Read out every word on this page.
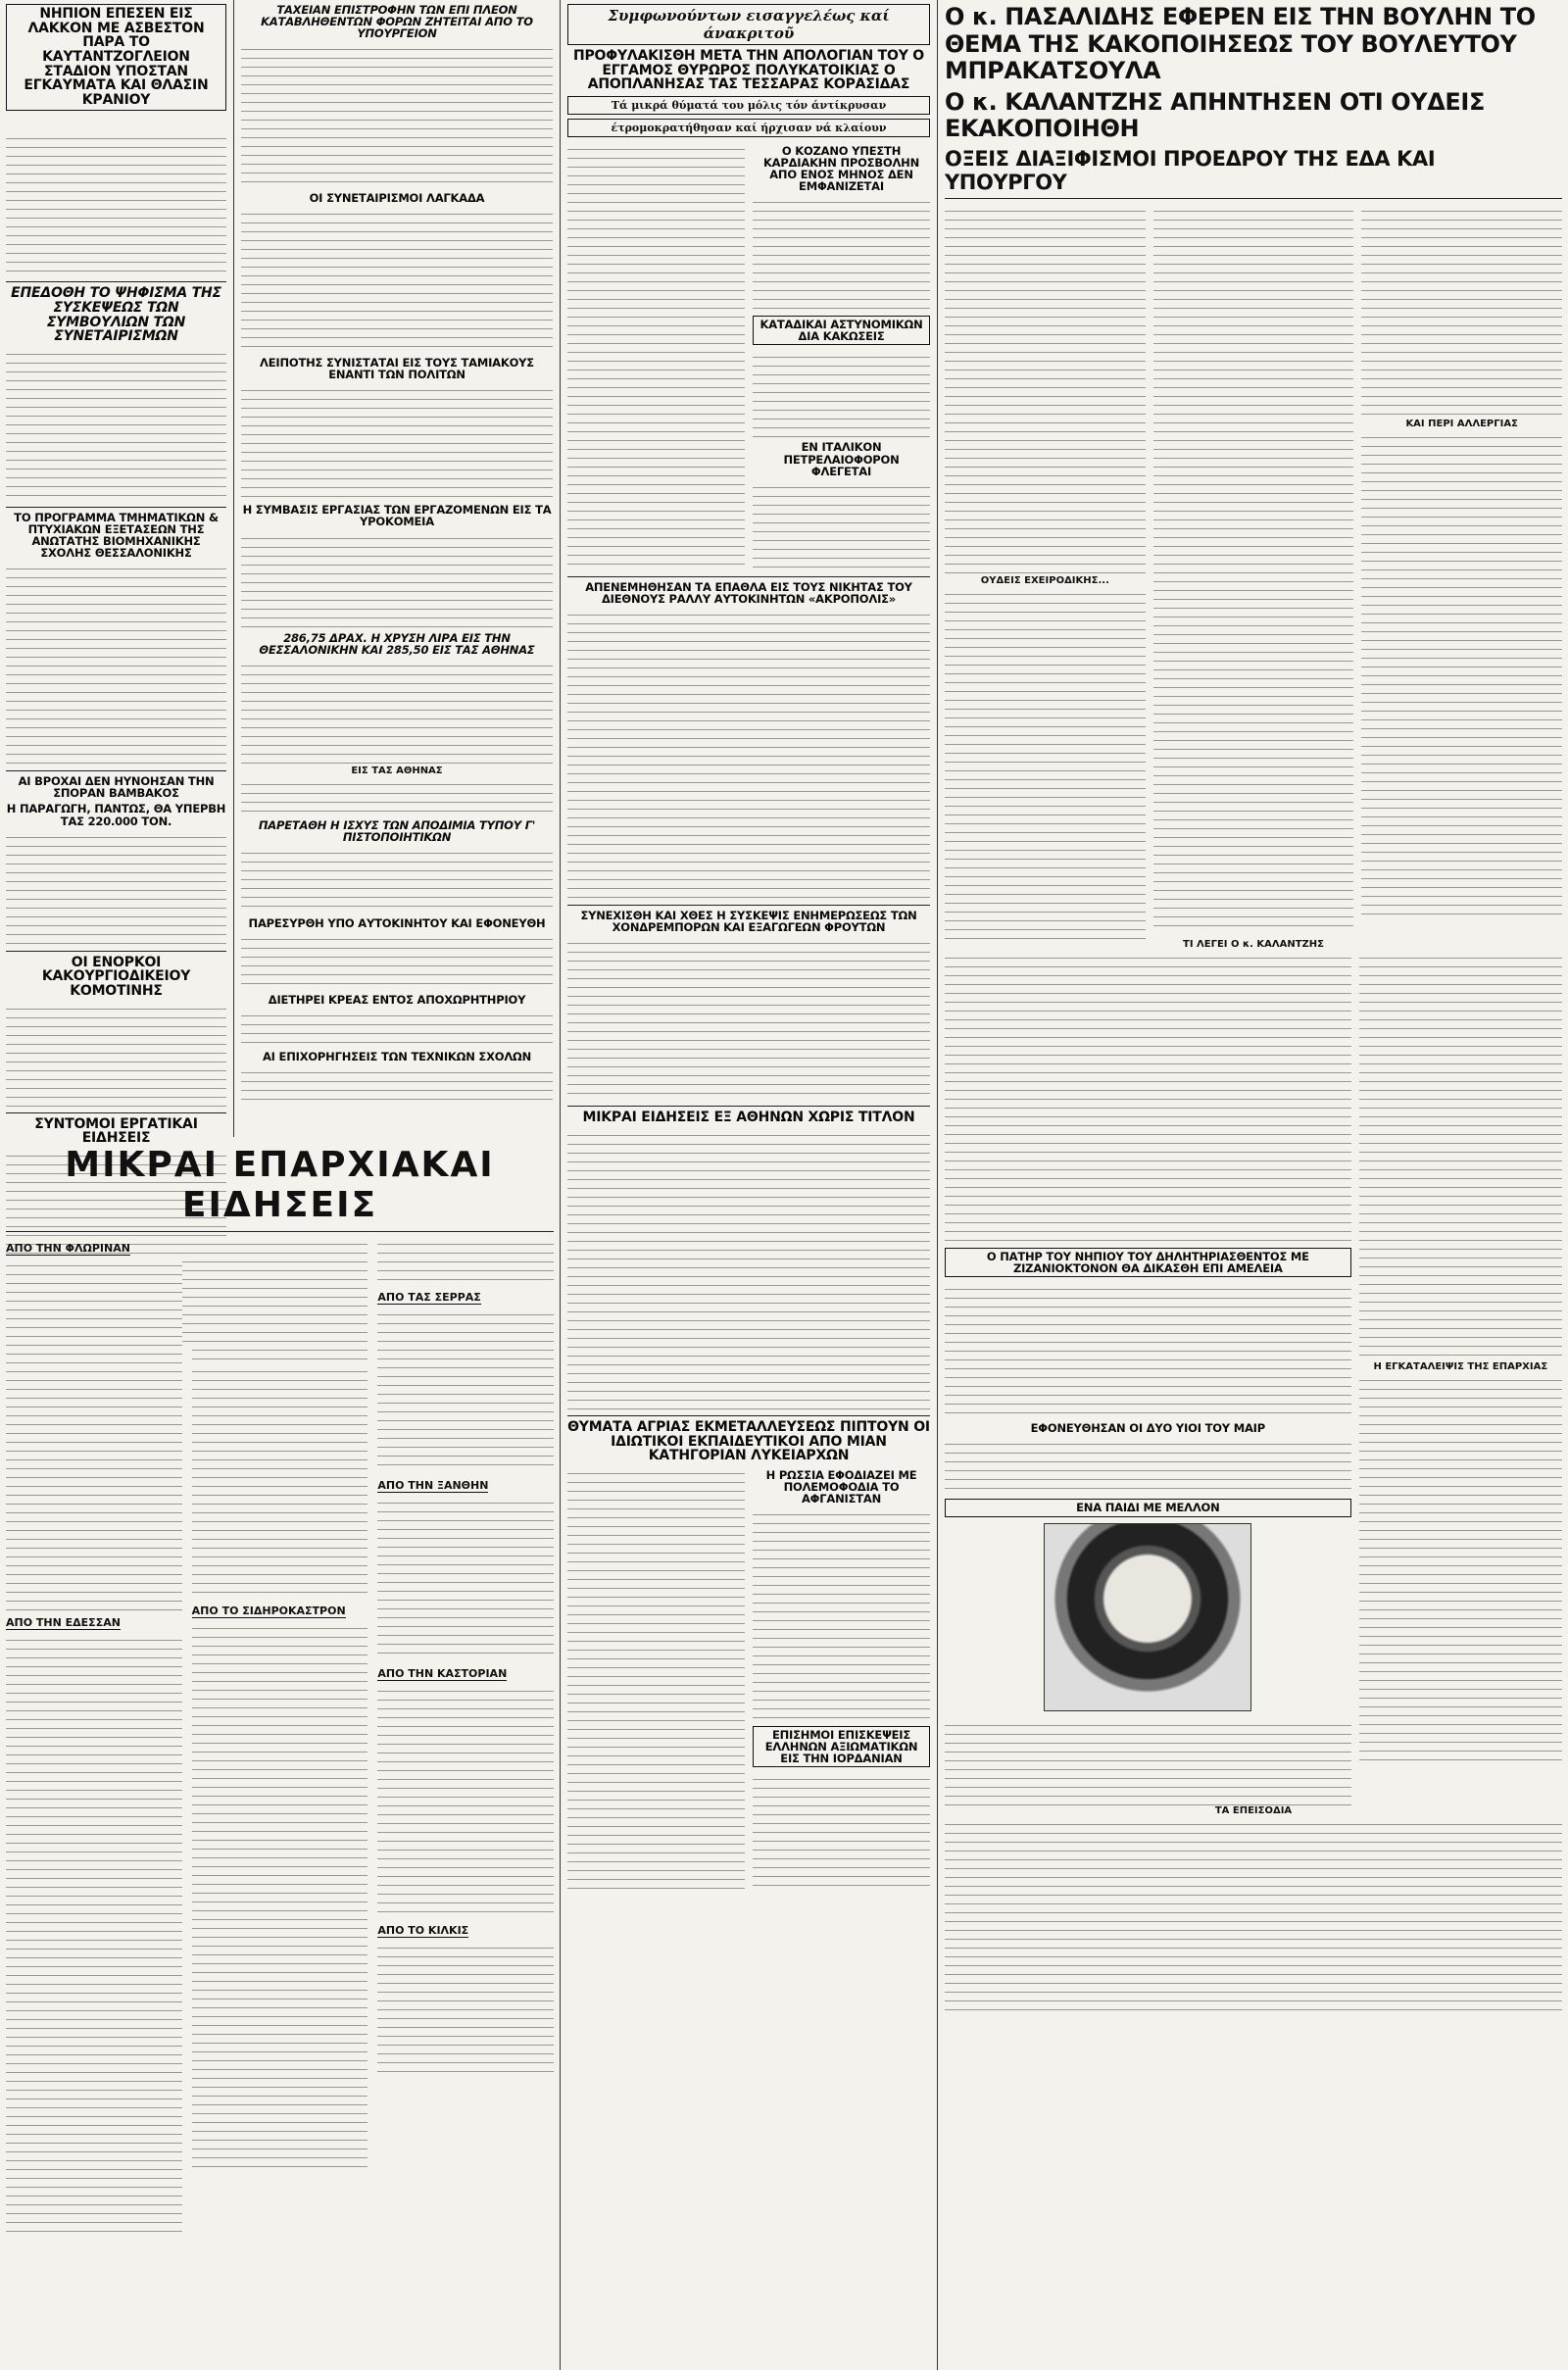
ΝΗΠΙΟΝ ΕΠΕΣΕΝ ΕΙΣ ΛΑΚΚΟΝ ΜΕ ΑΣΒΕΣΤΟΝ ΠΑΡΑ ΤΟ ΚΑΥΤΑΝΤΖΟΓΛΕΙΟΝ ΣΤΑΔΙΟΝ ΥΠΟΣΤΑΝ ΕΓΚΑΥΜΑΤΑ ΚΑΙ ΘΛΑΣΙΝ ΚΡΑΝΙΟΥ
ΕΠΕΔΟΘΗ ΤΟ ΨΗΦΙΣΜΑ ΤΗΣ ΣΥΣΚΕΨΕΩΣ ΤΩΝ ΣΥΜΒΟΥΛΙΩΝ ΤΩΝ ΣΥΝΕΤΑΙΡΙΣΜΩΝ
ΤΟ ΠΡΟΓΡΑΜΜΑ ΤΜΗΜΑΤΙΚΩΝ & ΠΤΥΧΙΑΚΩΝ ΕΞΕΤΑΣΕΩΝ ΤΗΣ ΑΝΩΤΑΤΗΣ ΒΙΟΜΗΧΑΝΙΚΗΣ ΣΧΟΛΗΣ ΘΕΣΣΑΛΟΝΙΚΗΣ
ΑΙ ΒΡΟΧΑΙ ΔΕΝ ΗΥΝΟΗΣΑΝ ΤΗΝ ΣΠΟΡΑΝ ΒΑΜΒΑΚΟΣ
Η ΠΑΡΑΓΩΓΗ, ΠΑΝΤΩΣ, ΘΑ ΥΠΕΡΒΗ ΤΑΣ 220.000 ΤΟΝ.
ΟΙ ΕΝΟΡΚΟΙ ΚΑΚΟΥΡΓΙΟΔΙΚΕΙΟΥ ΚΟΜΟΤΙΝΗΣ
ΣΥΝΤΟΜΟΙ ΕΡΓΑΤΙΚΑΙ ΕΙΔΗΣΕΙΣ
ΤΑΧΕΙΑΝ ΕΠΙΣΤΡΟΦΗΝ ΤΩΝ ΕΠΙ ΠΛΕΟΝ ΚΑΤΑΒΛΗΘΕΝΤΩΝ ΦΟΡΩΝ ΖΗΤΕΙΤΑΙ ΑΠΟ ΤΟ ΥΠΟΥΡΓΕΙΟΝ
ΟΙ ΣΥΝΕΤΑΙΡΙΣΜΟΙ ΛΑΓΚΑΔΑ
ΛΕΙΠΟΤΗΣ ΣΥΝΙΣΤΑΤΑΙ ΕΙΣ ΤΟΥΣ ΤΑΜΙΑΚΟΥΣ ΕΝΑΝΤΙ ΤΩΝ ΠΟΛΙΤΩΝ
Η ΣΥΜΒΑΣΙΣ ΕΡΓΑΣΙΑΣ ΤΩΝ ΕΡΓΑΖΟΜΕΝΩΝ ΕΙΣ ΤΑ ΥΡΟΚΟΜΕΙΑ
286,75 ΔΡΑΧ. Η ΧΡΥΣΗ ΛΙΡΑ ΕΙΣ ΤΗΝ ΘΕΣΣΑΛΟΝΙΚΗΝ ΚΑΙ 285,50 ΕΙΣ ΤΑΣ ΑΘΗΝΑΣ
ΕΙΣ ΤΑΣ ΑΘΗΝΑΣ
ΠΑΡΕΤΑΘΗ Η ΙΣΧΥΣ ΤΩΝ ΑΠΟΔΙΜΙΑ ΤΥΠΟΥ Γ' ΠΙΣΤΟΠΟΙΗΤΙΚΩΝ
ΠΑΡΕΣΥΡΘΗ ΥΠΟ ΑΥΤΟΚΙΝΗΤΟΥ ΚΑΙ ΕΦΟΝΕΥΘΗ
ΔΙΕΤΗΡΕΙ ΚΡΕΑΣ ΕΝΤΟΣ ΑΠΟΧΩΡΗΤΗΡΙΟΥ
ΑΙ ΕΠΙΧΟΡΗΓΗΣΕΙΣ ΤΩΝ ΤΕΧΝΙΚΩΝ ΣΧΟΛΩΝ
Συμφωνούντων εισαγγελέως καί άνακριτοῦ
ΠΡΟΦΥΛΑΚΙΣΘΗ ΜΕΤΑ ΤΗΝ ΑΠΟΛΟΓΙΑΝ ΤΟΥ Ο ΕΓΓΑΜΟΣ ΘΥΡΩΡΟΣ ΠΟΛΥΚΑΤΟΙΚΙΑΣ Ο ΑΠΟΠΛΑΝΗΣΑΣ ΤΑΣ ΤΕΣΣΑΡΑΣ ΚΟΡΑΣΙΔΑΣ
Τά μικρά θύματά του μόλις τόν άντίκρυσαν
έτρομοκρατήθησαν καί ήρχισαν νά κλαίουν
Ο ΚΟΖΑΝΟ ΥΠΕΣΤΗ ΚΑΡΔΙΑΚΗΝ ΠΡΟΣΒΟΛΗΝ ΑΠΟ ΕΝΟΣ ΜΗΝΟΣ ΔΕΝ ΕΜΦΑΝΙΖΕΤΑΙ
ΚΑΤΑΔΙΚΑΙ ΑΣΤΥΝΟΜΙΚΩΝ ΔΙΑ ΚΑΚΩΣΕΙΣ
ΕΝ ΙΤΑΛΙΚΟΝ ΠΕΤΡΕΛΑΙΟΦΟΡΟΝ ΦΛΕΓΕΤΑΙ
ΑΠΕΝΕΜΗΘΗΣΑΝ ΤΑ ΕΠΑΘΛΑ ΕΙΣ ΤΟΥΣ ΝΙΚΗΤΑΣ ΤΟΥ ΔΙΕΘΝΟΥΣ ΡΑΛΛΥ ΑΥΤΟΚΙΝΗΤΩΝ «ΑΚΡΟΠΟΛΙΣ»
ΣΥΝΕΧΙΣΘΗ ΚΑΙ ΧΘΕΣ Η ΣΥΣΚΕΨΙΣ ΕΝΗΜΕΡΩΣΕΩΣ ΤΩΝ ΧΟΝΔΡΕΜΠΟΡΩΝ ΚΑΙ ΕΞΑΓΩΓΕΩΝ ΦΡΟΥΤΩΝ
ΜΙΚΡΑΙ ΕΙΔΗΣΕΙΣ ΕΞ ΑΘΗΝΩΝ ΧΩΡΙΣ ΤΙΤΛΟΝ
ΘΥΜΑΤΑ ΑΓΡΙΑΣ ΕΚΜΕΤΑΛΛΕΥΣΕΩΣ ΠΙΠΤΟΥΝ ΟΙ ΙΔΙΩΤΙΚΟΙ ΕΚΠΑΙΔΕΥΤΙΚΟΙ ΑΠΟ ΜΙΑΝ ΚΑΤΗΓΟΡΙΑΝ ΛΥΚΕΙΑΡΧΩΝ
Η ΡΩΣΣΙΑ ΕΦΟΔΙΑΖΕΙ ΜΕ ΠΟΛΕΜΟΦΟΔΙΑ ΤΟ ΑΦΓΑΝΙΣΤΑΝ
ΕΠΙΣΗΜΟΙ ΕΠΙΣΚΕΨΕΙΣ ΕΛΛΗΝΩΝ ΑΞΙΩΜΑΤΙΚΩΝ ΕΙΣ ΤΗΝ ΙΟΡΔΑΝΙΑΝ
ΜΙΚΡΑΙ ΕΠΑΡΧΙΑΚΑΙ ΕΙΔΗΣΕΙΣ
ΑΠΟ ΤΗΝ ΦΛΩΡΙΝΑΝ
ΑΠΟ ΤΗΝ ΕΔΕΣΣΑΝ
ΑΠΟ ΤΟ ΣΙΔΗΡΟΚΑΣΤΡΟΝ
ΑΠΟ ΤΑΣ ΣΕΡΡΑΣ
ΑΠΟ ΤΗΝ ΞΑΝΘΗΝ
ΑΠΟ ΤΗΝ ΚΑΣΤΟΡΙΑΝ
ΑΠΟ ΤΟ ΚΙΛΚΙΣ
Ο κ. ΠΑΣΑΛΙΔΗΣ ΕΦΕΡΕΝ ΕΙΣ ΤΗΝ ΒΟΥΛΗΝ ΤΟ ΘΕΜΑ ΤΗΣ ΚΑΚΟΠΟΙΗΣΕΩΣ ΤΟΥ ΒΟΥΛΕΥΤΟΥ ΜΠΡΑΚΑΤΣΟΥΛΑ
Ο κ. ΚΑΛΑΝΤΖΗΣ ΑΠΗΝΤΗΣΕΝ ΟΤΙ ΟΥΔΕΙΣ ΕΚΑΚΟΠΟΙΗΘΗ
ΟΞΕΙΣ ΔΙΑΞΙΦΙΣΜΟΙ ΠΡΟΕΔΡΟΥ ΤΗΣ ΕΔΑ ΚΑΙ ΥΠΟΥΡΓΟΥ
ΟΥΔΕΙΣ ΕΧΕΙΡΟΔΙΚΗΣ...
ΚΑΙ ΠΕΡΙ ΑΛΛΕΡΓΙΑΣ
ΤΙ ΛΕΓΕΙ Ο κ. ΚΑΛΑΝΤΖΗΣ
Ο ΠΑΤΗΡ ΤΟΥ ΝΗΠΙΟΥ ΤΟΥ ΔΗΛΗΤΗΡΙΑΣΘΕΝΤΟΣ ΜΕ ΖΙΖΑΝΙΟΚΤΟΝΟΝ ΘΑ ΔΙΚΑΣΘΗ ΕΠΙ ΑΜΕΛΕΙΑ
ΕΦΟΝΕΥΘΗΣΑΝ ΟΙ ΔΥΟ ΥΙΟΙ ΤΟΥ ΜΑΙΡ
ΕΝΑ ΠΑΙΔΙ ΜΕ ΜΕΛΛΟΝ
Η ΕΓΚΑΤΑΛΕΙΨΙΣ ΤΗΣ ΕΠΑΡΧΙΑΣ
ΤΑ ΕΠΕΙΣΟΔΙΑ
